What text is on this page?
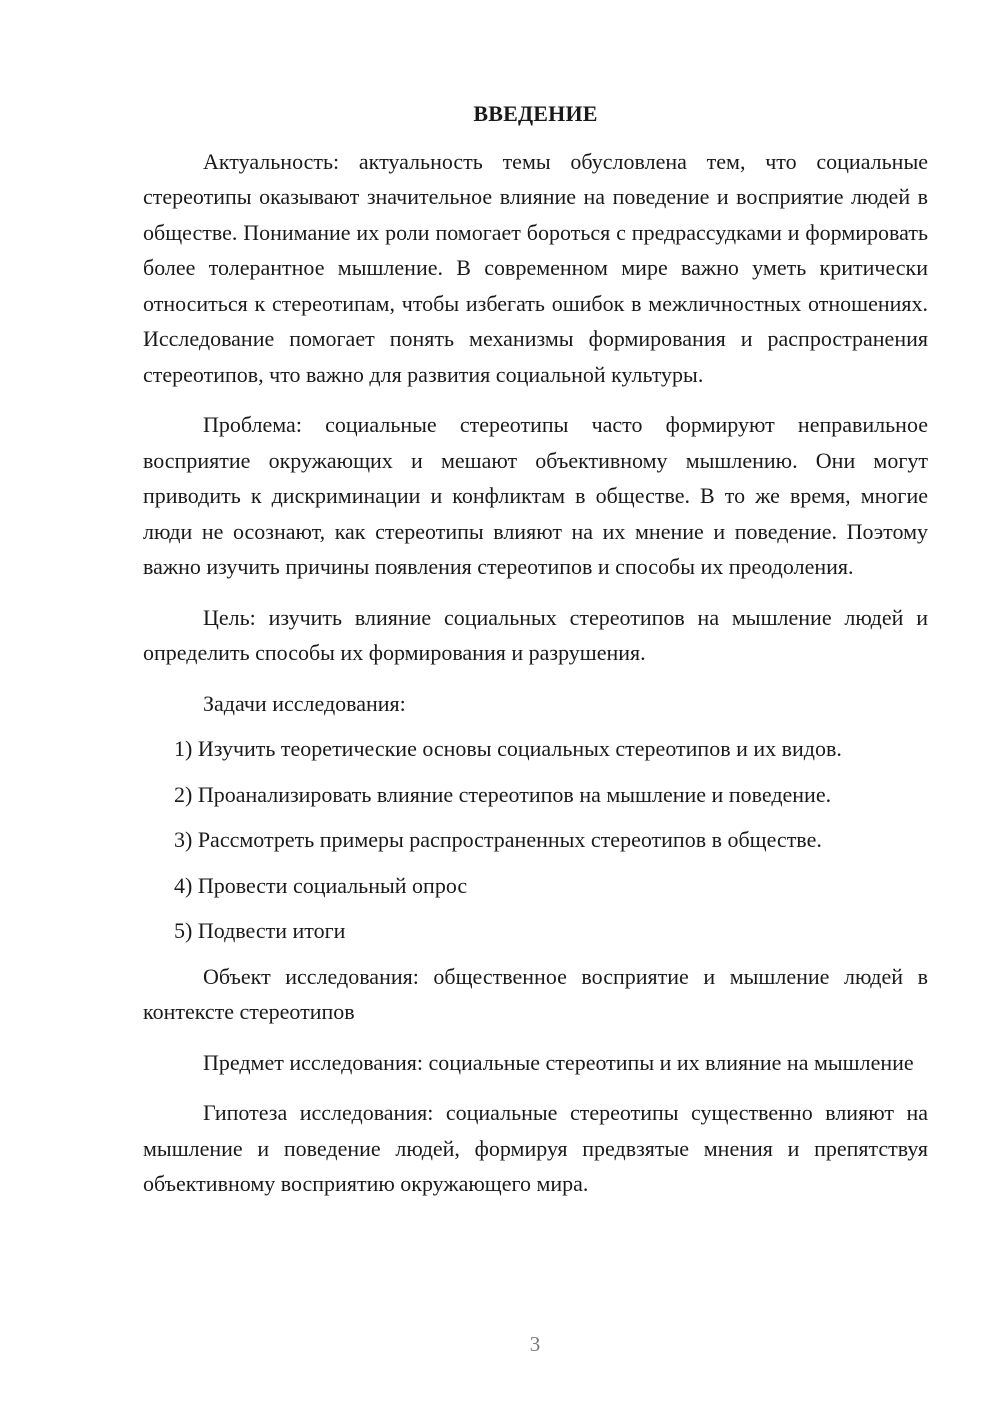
ВВЕДЕНИЕ

Актуальность: актуальность темы обусловлена тем, что социальные стереотипы оказывают значительное влияние на поведение и восприятие людей в обществе. Понимание их роли помогает бороться с предрассудками и формировать более толерантное мышление. В современном мире важно уметь критически относиться к стереотипам, чтобы избегать ошибок в межличностных отношениях. Исследование помогает понять механизмы формирования и распространения стереотипов, что важно для развития социальной культуры.

Проблема: социальные стереотипы часто формируют неправильное восприятие окружающих и мешают объективному мышлению. Они могут приводить к дискриминации и конфликтам в обществе. В то же время, многие люди не осознают, как стереотипы влияют на их мнение и поведение. Поэтому важно изучить причины появления стереотипов и способы их преодоления.

Цель: изучить влияние социальных стереотипов на мышление людей и определить способы их формирования и разрушения.

Задачи исследования:
1) Изучить теоретические основы социальных стереотипов и их видов.
2) Проанализировать влияние стереотипов на мышление и поведение.
3) Рассмотреть примеры распространенных стереотипов в обществе.
4) Провести социальный опрос
5) Подвести итоги

Объект исследования: общественное восприятие и мышление людей в контексте стереотипов

Предмет исследования: социальные стереотипы и их влияние на мышление

Гипотеза исследования: социальные стереотипы существенно влияют на мышление и поведение людей, формируя предвзятые мнения и препятствуя объективному восприятию окружающего мира.

3
